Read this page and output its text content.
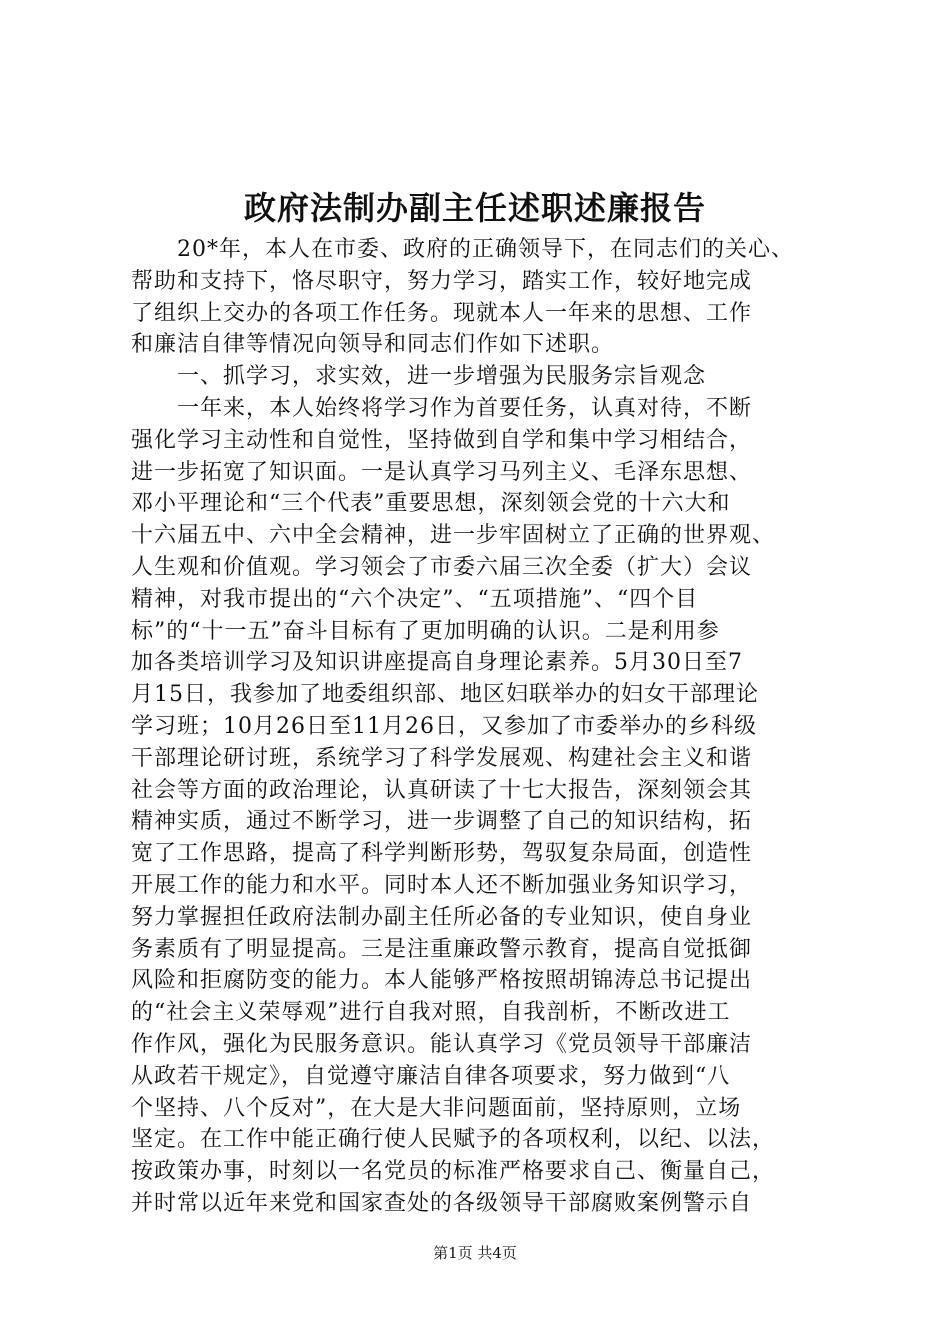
政府法制办副主任述职述廉报告
　　20*年，本人在市委、政府的正确领导下，在同志们的关心、
帮助和支持下，恪尽职守，努力学习，踏实工作，较好地完成
了组织上交办的各项工作任务。现就本人一年来的思想、工作
和廉洁自律等情况向领导和同志们作如下述职。
　　一、抓学习，求实效，进一步增强为民服务宗旨观念
　　一年来，本人始终将学习作为首要任务，认真对待，不断
强化学习主动性和自觉性，坚持做到自学和集中学习相结合，
进一步拓宽了知识面。一是认真学习马列主义、毛泽东思想、
邓小平理论和“三个代表”重要思想，深刻领会党的十六大和
十六届五中、六中全会精神，进一步牢固树立了正确的世界观、
人生观和价值观。学习领会了市委六届三次全委（扩大）会议
精神，对我市提出的“六个决定”、“五项措施”、“四个目
标”的“十一五”奋斗目标有了更加明确的认识。二是利用参
加各类培训学习及知识讲座提高自身理论素养。5月30日至7
月15日，我参加了地委组织部、地区妇联举办的妇女干部理论
学习班；10月26日至11月26日，又参加了市委举办的乡科级
干部理论研讨班，系统学习了科学发展观、构建社会主义和谐
社会等方面的政治理论，认真研读了十七大报告，深刻领会其
精神实质，通过不断学习，进一步调整了自己的知识结构，拓
宽了工作思路，提高了科学判断形势，驾驭复杂局面，创造性
开展工作的能力和水平。同时本人还不断加强业务知识学习，
努力掌握担任政府法制办副主任所必备的专业知识，使自身业
务素质有了明显提高。三是注重廉政警示教育，提高自觉抵御
风险和拒腐防变的能力。本人能够严格按照胡锦涛总书记提出
的“社会主义荣辱观”进行自我对照，自我剖析，不断改进工
作作风，强化为民服务意识。能认真学习《党员领导干部廉洁
从政若干规定》，自觉遵守廉洁自律各项要求，努力做到“八
个坚持、八个反对”，在大是大非问题面前，坚持原则，立场
坚定。在工作中能正确行使人民赋予的各项权利，以纪、以法，
按政策办事，时刻以一名党员的标准严格要求自己、衡量自己，
并时常以近年来党和国家查处的各级领导干部腐败案例警示自
第1页 共4页
